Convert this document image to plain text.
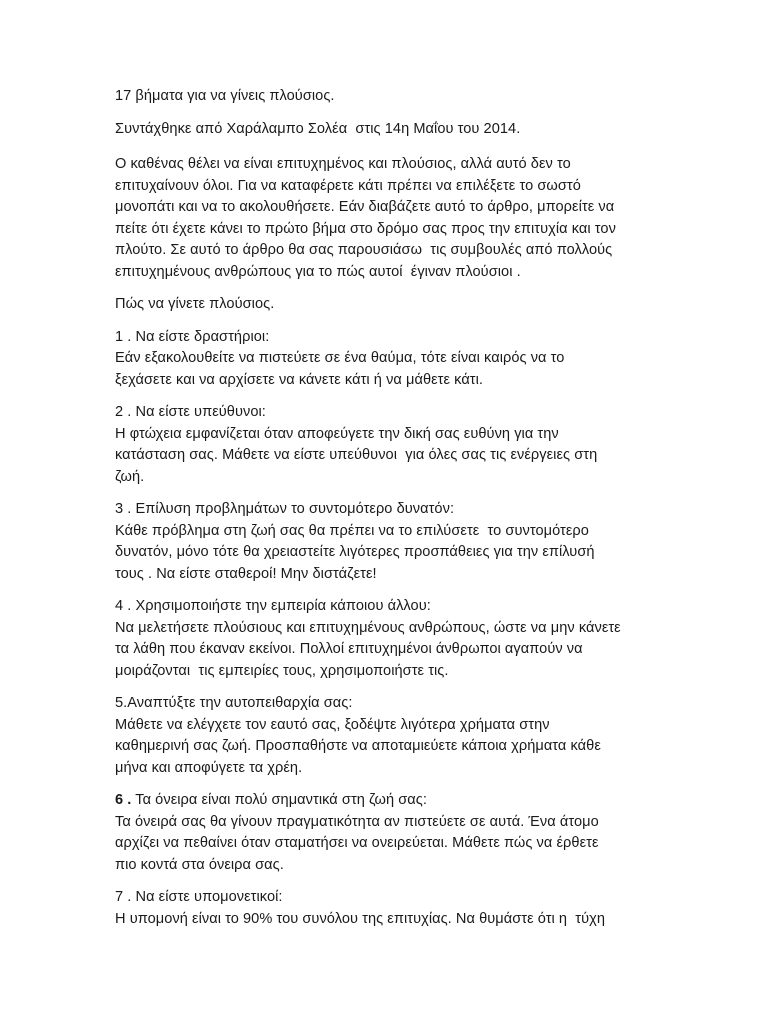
17 βήματα για να γίνεις πλούσιος.
Συντάχθηκε από Χαράλαμπο Σολέα  στις 14η Μαΐου του 2014.
Ο καθένας θέλει να είναι επιτυχημένος και πλούσιος, αλλά αυτό δεν το
επιτυχαίνουν όλοι. Για να καταφέρετε κάτι πρέπει να επιλέξετε το σωστό
μονοπάτι και να το ακολουθήσετε. Εάν διαβάζετε αυτό το άρθρο, μπορείτε να
πείτε ότι έχετε κάνει το πρώτο βήμα στο δρόμο σας προς την επιτυχία και τον
πλούτο. Σε αυτό το άρθρο θα σας παρουσιάσω  τις συμβουλές από πολλούς
επιτυχημένους ανθρώπους για το πώς αυτοί  έγιναν πλούσιοι .
Πώς να γίνετε πλούσιος.
1 . Να είστε δραστήριοι:
Εάν εξακολουθείτε να πιστεύετε σε ένα θαύμα, τότε είναι καιρός να το
ξεχάσετε και να αρχίσετε να κάνετε κάτι ή να μάθετε κάτι.
2 . Να είστε υπεύθυνοι:
Η φτώχεια εμφανίζεται όταν αποφεύγετε την δική σας ευθύνη για την
κατάσταση σας. Μάθετε να είστε υπεύθυνοι  για όλες σας τις ενέργειες στη
ζωή.
3 . Επίλυση προβλημάτων το συντομότερο δυνατόν:
Κάθε πρόβλημα στη ζωή σας θα πρέπει να το επιλύσετε  το συντομότερο
δυνατόν, μόνο τότε θα χρειαστείτε λιγότερες προσπάθειες για την επίλυσή
τους . Να είστε σταθεροί! Μην διστάζετε!
4 . Χρησιμοποιήστε την εμπειρία κάποιου άλλου:
Να μελετήσετε πλούσιους και επιτυχημένους ανθρώπους, ώστε να μην κάνετε
τα λάθη που έκαναν εκείνοι. Πολλοί επιτυχημένοι άνθρωποι αγαπούν να
μοιράζονται  τις εμπειρίες τους, χρησιμοποιήστε τις.
5.Αναπτύξτε την αυτοπειθαρχία σας:
Μάθετε να ελέγχετε τον εαυτό σας, ξοδέψτε λιγότερα χρήματα στην
καθημερινή σας ζωή. Προσπαθήστε να αποταμιεύετε κάποια χρήματα κάθε
μήνα και αποφύγετε τα χρέη.
6 . Τα όνειρα είναι πολύ σημαντικά στη ζωή σας:
Τα όνειρά σας θα γίνουν πραγματικότητα αν πιστεύετε σε αυτά. Ένα άτομο
αρχίζει να πεθαίνει όταν σταματήσει να ονειρεύεται. Μάθετε πώς να έρθετε
πιο κοντά στα όνειρα σας.
7 . Να είστε υπομονετικοί:
Η υπομονή είναι το 90% του συνόλου της επιτυχίας. Να θυμάστε ότι η  τύχη
